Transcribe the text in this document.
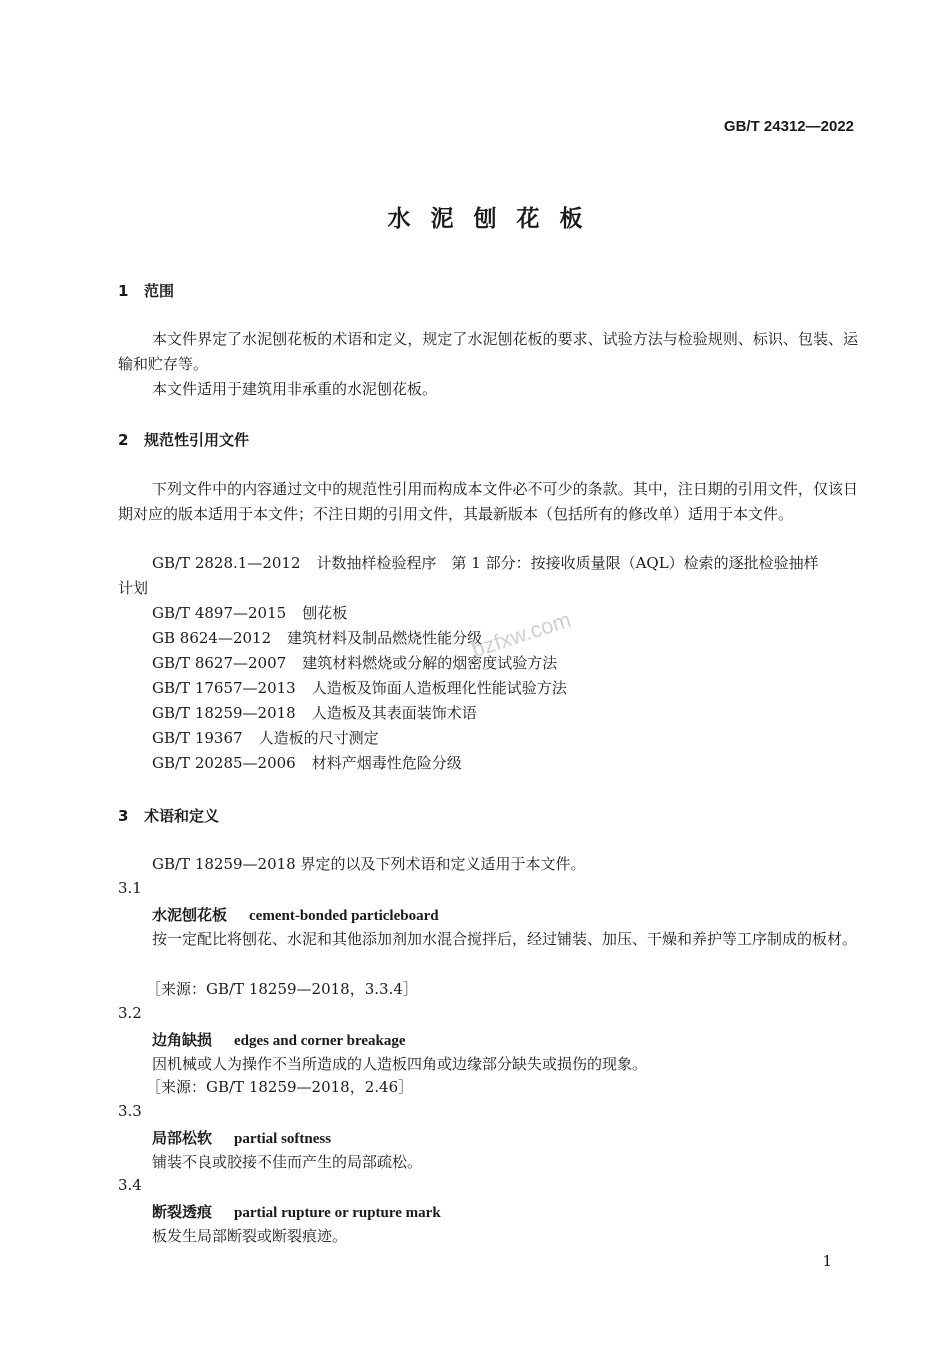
GB/T 24312—2022
水泥刨花板
1 范围
本文件界定了水泥刨花板的术语和定义，规定了水泥刨花板的要求、试验方法与检验规则、标识、包装、运输和贮存等。
本文件适用于建筑用非承重的水泥刨花板。
2 规范性引用文件
下列文件中的内容通过文中的规范性引用而构成本文件必不可少的条款。其中，注日期的引用文件，仅该日期对应的版本适用于本文件；不注日期的引用文件，其最新版本（包括所有的修改单）适用于本文件。
GB/T 2828.1—2012 计数抽样检验程序　第 1 部分：按接收质量限（AQL）检索的逐批检验抽样
计划
GB/T 4897—2015 刨花板
GB 8624—2012 建筑材料及制品燃烧性能分级
GB/T 8627—2007 建筑材料燃烧或分解的烟密度试验方法
GB/T 17657—2013 人造板及饰面人造板理化性能试验方法
GB/T 18259—2018 人造板及其表面装饰术语
GB/T 19367 人造板的尺寸测定
GB/T 20285—2006 材料产烟毒性危险分级
bzfxw.com
3 术语和定义
GB/T 18259—2018 界定的以及下列术语和定义适用于本文件。
3.1
水泥刨花板 cement-bonded particleboard
按一定配比将刨花、水泥和其他添加剂加水混合搅拌后，经过铺装、加压、干燥和养护等工序制成的板材。
［来源：GB/T 18259—2018，3.3.4］
3.2
边角缺损 edges and corner breakage
因机械或人为操作不当所造成的人造板四角或边缘部分缺失或损伤的现象。
［来源：GB/T 18259—2018，2.46］
3.3
局部松软 partial softness
铺装不良或胶接不佳而产生的局部疏松。
3.4
断裂透痕 partial rupture or rupture mark
板发生局部断裂或断裂痕迹。
1
